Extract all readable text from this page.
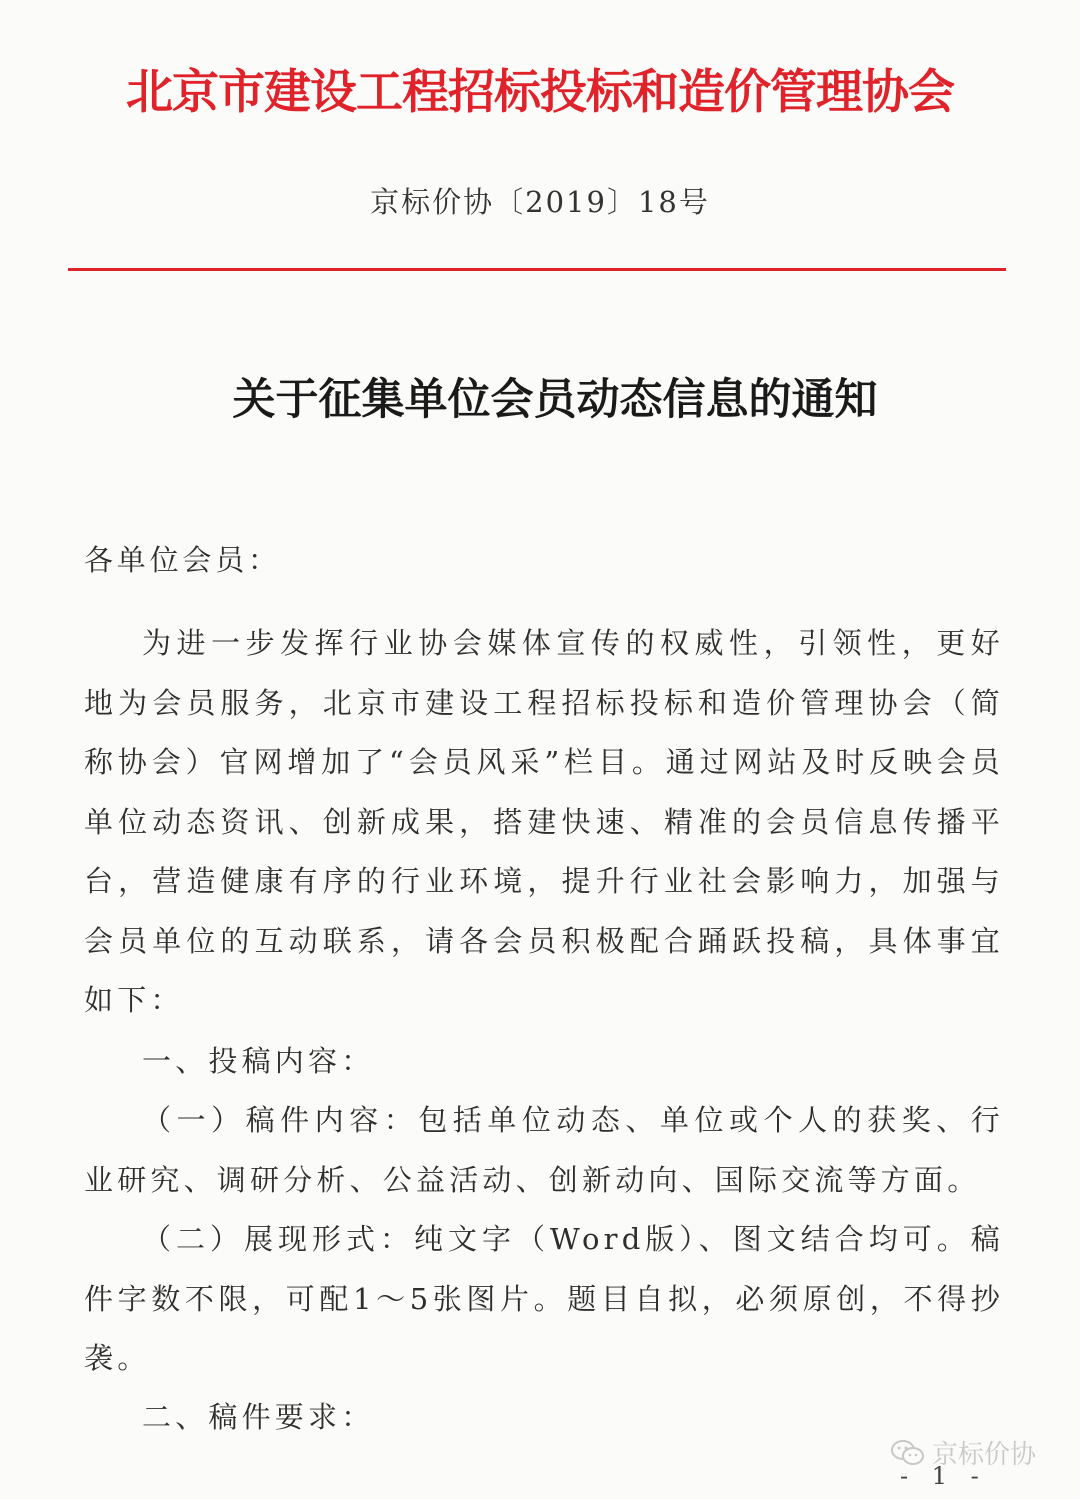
北京市建设工程招标投标和造价管理协会
京标价协〔2019〕18号
关于征集单位会员动态信息的通知
各单位会员：
为进一步发挥行业协会媒体宣传的权威性，引领性，更好地为会员服务，北京市建设工程招标投标和造价管理协会（简称协会）官网增加了“会员风采”栏目。通过网站及时反映会员单位动态资讯、创新成果，搭建快速、精准的会员信息传播平台，营造健康有序的行业环境，提升行业社会影响力，加强与会员单位的互动联系，请各会员积极配合踊跃投稿，具体事宜如下：
一、投稿内容：
（一）稿件内容：包括单位动态、单位或个人的获奖、行业研究、调研分析、公益活动、创新动向、国际交流等方面。
（二）展现形式：纯文字（Word版）、图文结合均可。稿件字数不限，可配1～5张图片。题目自拟，必须原创，不得抄袭。
二、稿件要求：
京标价协
- 1 -
